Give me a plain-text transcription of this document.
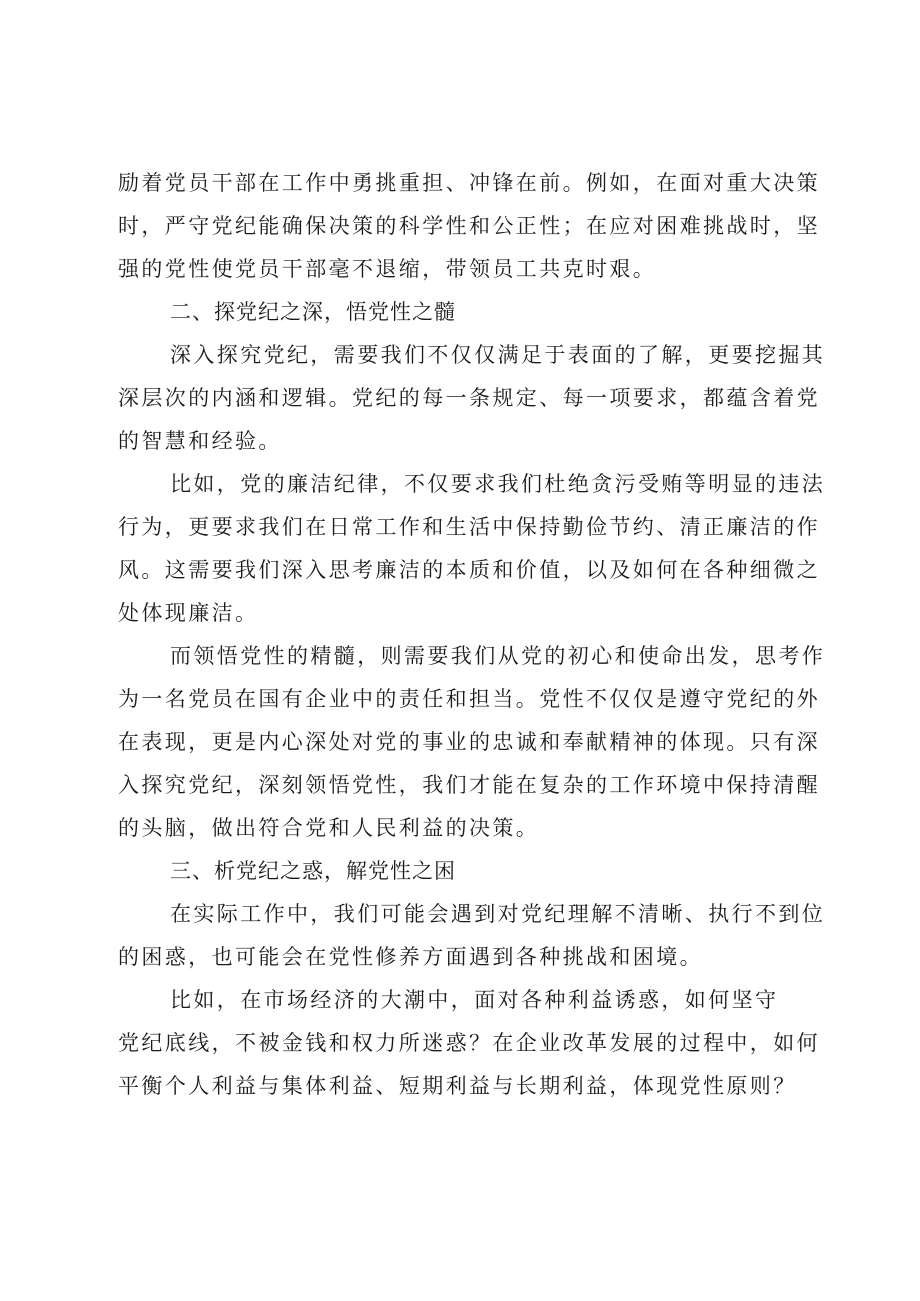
励着党员干部在工作中勇挑重担、冲锋在前。例如，在面对重大决策
时，严守党纪能确保决策的科学性和公正性；在应对困难挑战时，坚
强的党性使党员干部毫不退缩，带领员工共克时艰。
二、探党纪之深，悟党性之髓
深入探究党纪，需要我们不仅仅满足于表面的了解，更要挖掘其
深层次的内涵和逻辑。党纪的每一条规定、每一项要求，都蕴含着党
的智慧和经验。
比如，党的廉洁纪律，不仅要求我们杜绝贪污受贿等明显的违法
行为，更要求我们在日常工作和生活中保持勤俭节约、清正廉洁的作
风。这需要我们深入思考廉洁的本质和价值，以及如何在各种细微之
处体现廉洁。
而领悟党性的精髓，则需要我们从党的初心和使命出发，思考作
为一名党员在国有企业中的责任和担当。党性不仅仅是遵守党纪的外
在表现，更是内心深处对党的事业的忠诚和奉献精神的体现。只有深
入探究党纪，深刻领悟党性，我们才能在复杂的工作环境中保持清醒
的头脑，做出符合党和人民利益的决策。
三、析党纪之惑，解党性之困
在实际工作中，我们可能会遇到对党纪理解不清晰、执行不到位
的困惑，也可能会在党性修养方面遇到各种挑战和困境。
比如，在市场经济的大潮中，面对各种利益诱惑，如何坚守
党纪底线，不被金钱和权力所迷惑？在企业改革发展的过程中，如何
平衡个人利益与集体利益、短期利益与长期利益，体现党性原则？
